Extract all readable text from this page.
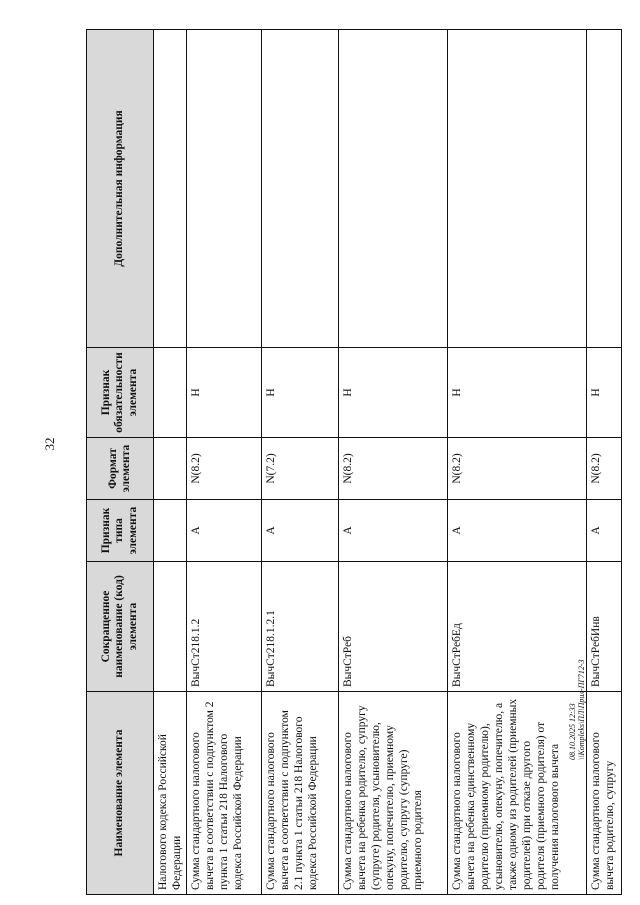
32
Наименование элемента	Сокращенное наименование (код) элемента	Признак типа элемента	Формат элемента	Признак обязательности элемента	Дополнительная информация
Налогового кодекса Российской Федерации					
Сумма стандартного налогового вычета в соответствии с подпунктом 2 пункта 1 статьи 218 Налогового кодекса Российской Федерации	ВычСт218.1.2	А	N(8.2)	Н	
Сумма стандартного налогового вычета в соответствии с подпунктом 2.1 пункта 1 статьи 218 Налогового кодекса Российской Федерации	ВычСт218.1.2.1	А	N(7.2)	Н	
Сумма стандартного налогового вычета на ребенка родителю, супругу (супруге) родителя, усыновителю, опекуну, попечителю, приемному родителю, супругу (супруге) приемного родителя	ВычСтРеб	А	N(8.2)	Н	
Сумма стандартного налогового вычета на ребенка единственному родителю (приемному родителю), усыновителю, опекуну, попечителю, а также одному из родителей (приемных родителей) при отказе другого родителя (приемного родителя) от получения налогового вычета	ВычСтРебЕд	А	N(8.2)	Н	
Сумма стандартного налогового вычета родителю, супругу	ВычСтРебИнв	А	N(8.2)	Н	
08.10.2025 12:33 \\Kompleks\ПЛ\Прил-ПГ712-3
